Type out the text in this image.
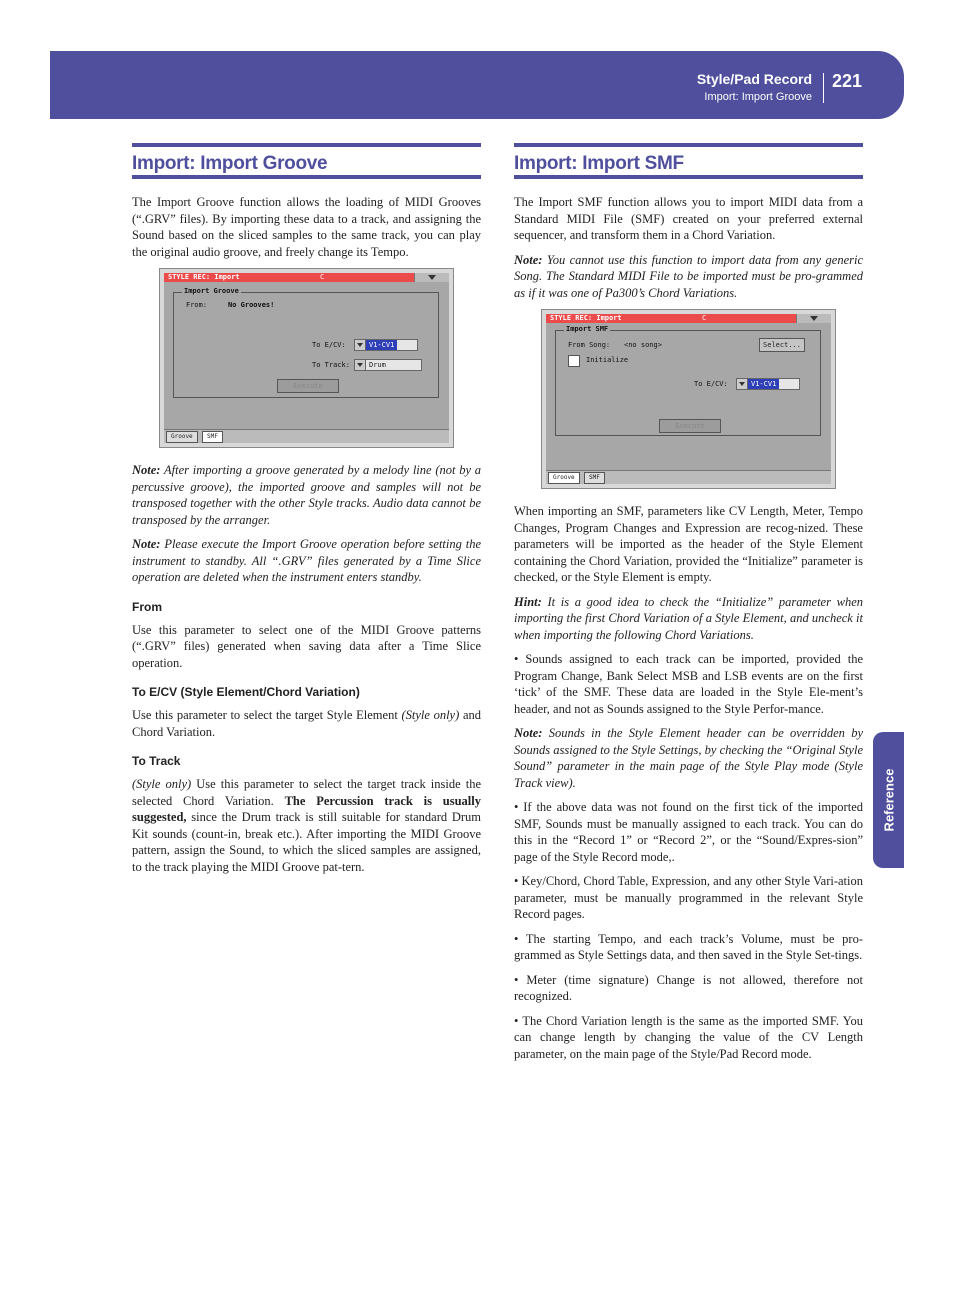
Style/Pad Record
Import: Import Groove
221
Reference
Import: Import Groove

The Import Groove function allows the loading of MIDI Grooves (“.GRV” files). By importing these data to a track, and assigning the Sound based on the sliced samples to the same track, you can play the original audio groove, and freely change its Tempo.

STYLE REC: Import	C
Import Groove
From:	No Grooves!
To E/CV:	V1-CV1
To Track:	Drum
Execute
Groove	SMF

Note: After importing a groove generated by a melody line (not by a percussive groove), the imported groove and samples will not be transposed together with the other Style tracks. Audio data cannot be transposed by the arranger.

Note: Please execute the Import Groove operation before setting the instrument to standby. All “.GRV” files generated by a Time Slice operation are deleted when the instrument enters standby.

From

Use this parameter to select one of the MIDI Groove patterns (“.GRV” files) generated when saving data after a Time Slice operation.

To E/CV (Style Element/Chord Variation)

Use this parameter to select the target Style Element (Style only) and Chord Variation.

To Track

(Style only) Use this parameter to select the target track inside the selected Chord Variation. The Percussion track is usually suggested, since the Drum track is still suitable for standard Drum Kit sounds (count-in, break etc.). After importing the MIDI Groove pattern, assign the Sound, to which the sliced samples are assigned, to the track playing the MIDI Groove pat-tern.

Import: Import SMF

The Import SMF function allows you to import MIDI data from a Standard MIDI File (SMF) created on your preferred external sequencer, and transform them in a Chord Variation.

Note: You cannot use this function to import data from any generic Song. The Standard MIDI File to be imported must be pro-grammed as if it was one of Pa300’s Chord Variations.

STYLE REC: Import	C
Import SMF
From Song: <no song>	Select...
Initialize
To E/CV:	V1-CV1
Execute
Groove	SMF

When importing an SMF, parameters like CV Length, Meter, Tempo Changes, Program Changes and Expression are recog-nized. These parameters will be imported as the header of the Style Element containing the Chord Variation, provided the “Initialize” parameter is checked, or the Style Element is empty.

Hint: It is a good idea to check the “Initialize” parameter when importing the first Chord Variation of a Style Element, and uncheck it when importing the following Chord Variations.

• Sounds assigned to each track can be imported, provided the Program Change, Bank Select MSB and LSB events are on the first ‘tick’ of the SMF. These data are loaded in the Style Ele-ment’s header, and not as Sounds assigned to the Style Perfor-mance.

Note: Sounds in the Style Element header can be overridden by Sounds assigned to the Style Settings, by checking the “Original Style Sound” parameter in the main page of the Style Play mode (Style Track view).

• If the above data was not found on the first tick of the imported SMF, Sounds must be manually assigned to each track. You can do this in the “Record 1” or “Record 2”, or the “Sound/Expres-sion” page of the Style Record mode,.

• Key/Chord, Chord Table, Expression, and any other Style Vari-ation parameter, must be manually programmed in the relevant Style Record pages.

• The starting Tempo, and each track’s Volume, must be pro-grammed as Style Settings data, and then saved in the Style Set-tings.

• Meter (time signature) Change is not allowed, therefore not recognized.

• The Chord Variation length is the same as the imported SMF. You can change length by changing the value of the CV Length parameter, on the main page of the Style/Pad Record mode.
